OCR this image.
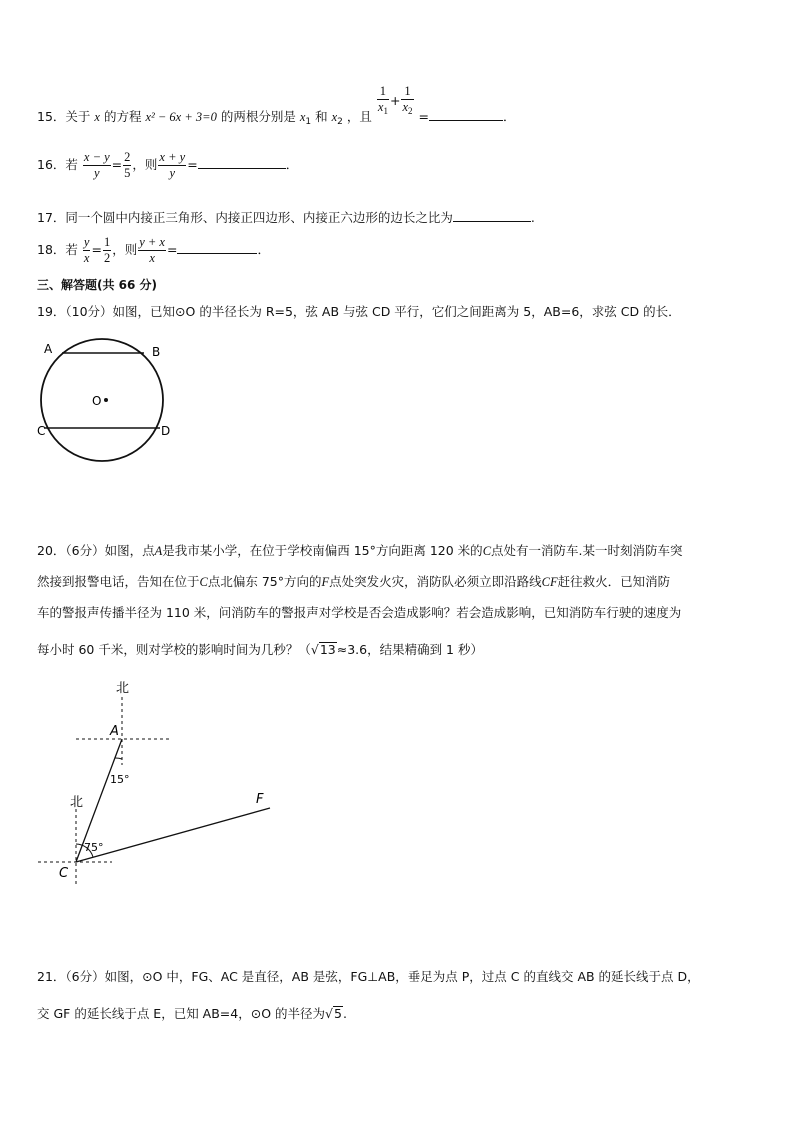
15．关于 x 的方程 x² − 6x + 3=0 的两根分别是 $x_1$ 和 $x_2$ ，且 $\frac{1}{x_1} + \frac{1}{x_2}$ =	．
16．若 $\frac{x - y}{y} = \frac{2}{5}$ ，则 $\frac{x + y}{y}$ =	．
17．同一个圆中内接正三角形、内接正四边形、内接正六边形的边长之比为	.
18．若 $\frac{y}{x} = \frac{1}{2}$ ，则 $\frac{y + x}{x}$ =	．
三、解答题(共 66 分)
19．（10分）如图，已知⊙O 的半径长为 R=5，弦 AB 与弦 CD 平行，它们之间距离为 5，AB=6，求弦 CD 的长．
O
A	B
C	D
20．（6分）如图，点A是我市某小学，在位于学校南偏西 15°方向距离 120 米的C点处有一消防车.某一时刻消防车突
然接到报警电话，告知在位于C点北偏东 75°方向的F点处突发火灾，消防队必须立即沿路线CF赶往救火．已知消防
车的警报声传播半径为 110 米，问消防车的警报声对学校是否会造成影响？若会造成影响，已知消防车行驶的速度为
每小时 60 千米，则对学校的影响时间为几秒？（√13≈3.6，结果精确到 1 秒）
北
北
A
C
F
15°
75°
21．（6分）如图，⊙O 中，FG、AC 是直径，AB 是弦，FG⊥AB，垂足为点 P，过点 C 的直线交 AB 的延长线于点 D，
交 GF 的延长线于点 E，已知 AB=4，⊙O 的半径为√5.
